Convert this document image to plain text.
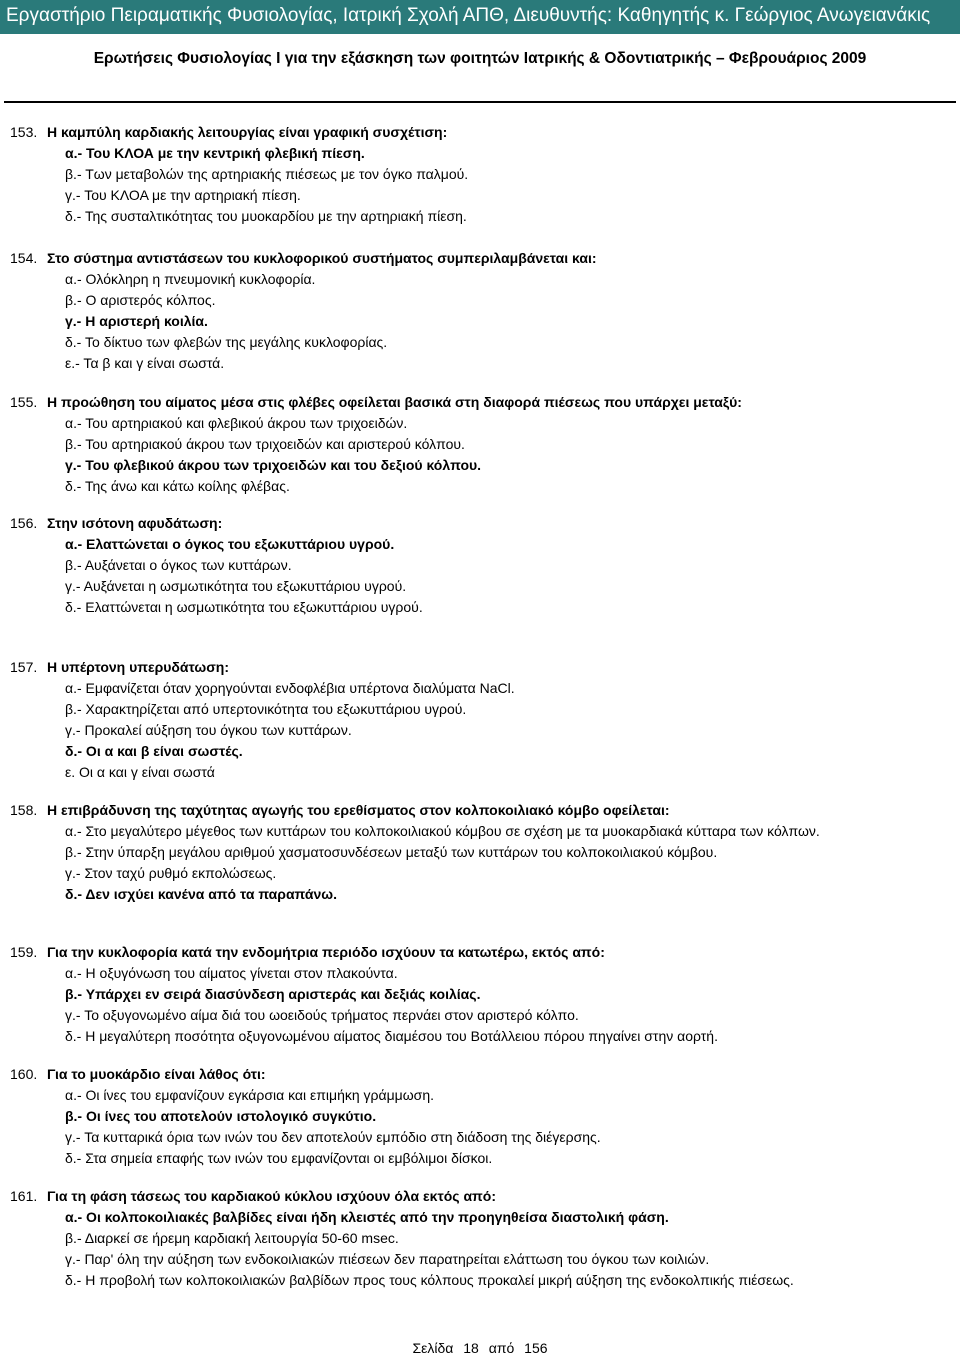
Εργαστήριο Πειραματικής Φυσιολογίας, Ιατρική Σχολή ΑΠΘ, Διευθυντής: Καθηγητής κ. Γεώργιος Ανωγειανάκις
Ερωτήσεις Φυσιολογίας Ι για την εξάσκηση των φοιτητών Ιατρικής & Οδοντιατρικής – Φεβρουάριος 2009
153. Η καμπύλη καρδιακής λειτουργίας είναι γραφική συσχέτιση:
α.- Του ΚΛΟΑ με την κεντρική φλεβική πίεση.
β.- Των μεταβολών της αρτηριακής πιέσεως με τον όγκο παλμού.
γ.- Του ΚΛΟΑ με την αρτηριακή πίεση.
δ.- Της συσταλτικότητας του μυοκαρδίου με την αρτηριακή πίεση.
154. Στο σύστημα αντιστάσεων του κυκλοφορικού συστήματος συμπεριλαμβάνεται και:
α.- Ολόκληρη η πνευμονική κυκλοφορία.
β.- Ο αριστερός κόλπος.
γ.- Η αριστερή κοιλία.
δ.- Το δίκτυο των φλεβών της μεγάλης κυκλοφορίας.
ε.- Τα β και γ είναι σωστά.
155. Η προώθηση του αίματος μέσα στις φλέβες οφείλεται βασικά στη διαφορά πιέσεως που υπάρχει μεταξύ:
α.- Του αρτηριακού και φλεβικού άκρου των τριχοειδών.
β.- Του αρτηριακού άκρου των τριχοειδών και αριστερού κόλπου.
γ.- Του φλεβικού άκρου των τριχοειδών και του δεξιού κόλπου.
δ.- Της άνω και κάτω κοίλης φλέβας.
156. Στην ισότονη αφυδάτωση:
α.- Ελαττώνεται ο όγκος του εξωκυττάριου υγρού.
β.- Αυξάνεται ο όγκος των κυττάρων.
γ.- Αυξάνεται η ωσμωτικότητα του εξωκυττάριου υγρού.
δ.- Ελαττώνεται η ωσμωτικότητα του εξωκυττάριου υγρού.
157. Η υπέρτονη υπερυδάτωση:
α.- Εμφανίζεται όταν χορηγούνται ενδοφλέβια υπέρτονα διαλύματα NaCl.
β.- Χαρακτηρίζεται από υπερτονικότητα του εξωκυττάριου υγρού.
γ.- Προκαλεί αύξηση του όγκου των κυττάρων.
δ.- Οι α και β είναι σωστές.
ε. Οι α και γ είναι σωστά
158. Η επιβράδυνση της ταχύτητας αγωγής του ερεθίσματος στον κολποκοιλιακό κόμβο οφείλεται:
α.- Στο μεγαλύτερο μέγεθος των κυττάρων του κολποκοιλιακού κόμβου σε σχέση με τα μυοκαρδιακά κύτταρα των κόλπων.
β.- Στην ύπαρξη μεγάλου αριθμού χασματοσυνδέσεων μεταξύ των κυττάρων του κολποκοιλιακού κόμβου.
γ.- Στον ταχύ ρυθμό εκπολώσεως.
δ.- Δεν ισχύει κανένα από τα παραπάνω.
159. Για την κυκλοφορία κατά την ενδομήτρια περιόδο ισχύουν τα κατωτέρω, εκτός από:
α.- Η οξυγόνωση του αίματος γίνεται στον πλακούντα.
β.- Υπάρχει εν σειρά διασύνδεση αριστεράς και δεξιάς κοιλίας.
γ.- Το οξυγονωμένο αίμα διά του ωοειδούς τρήματος περνάει στον αριστερό κόλπο.
δ.- Η μεγαλύτερη ποσότητα οξυγονωμένου αίματος διαμέσου του Βοτάλλειου πόρου πηγαίνει στην αορτή.
160. Για το μυοκάρδιο είναι λάθος ότι:
α.- Οι ίνες του εμφανίζουν εγκάρσια και επιμήκη γράμμωση.
β.- Οι ίνες του αποτελούν ιστολογικό συγκύτιο.
γ.- Τα κυτταρικά όρια των ινών του δεν αποτελούν εμπόδιο στη διάδοση της διέγερσης.
δ.- Στα σημεία επαφής των ινών του εμφανίζονται οι εμβόλιμοι δίσκοι.
161. Για τη φάση τάσεως του καρδιακού κύκλου ισχύουν όλα εκτός από:
α.- Οι κολποκοιλιακές βαλβίδες είναι ήδη κλειστές από την προηγηθείσα διαστολική φάση.
β.- Διαρκεί σε ήρεμη καρδιακή λειτουργία 50-60 msec.
γ.- Παρ' όλη την αύξηση των ενδοκοιλιακών πιέσεων δεν παρατηρείται ελάττωση του όγκου των κοιλιών.
δ.- Η προβολή των κολποκοιλιακών βαλβίδων προς τους κόλπους προκαλεί μικρή αύξηση της ενδοκολπικής πιέσεως.
Σελίδα 18 από 156
